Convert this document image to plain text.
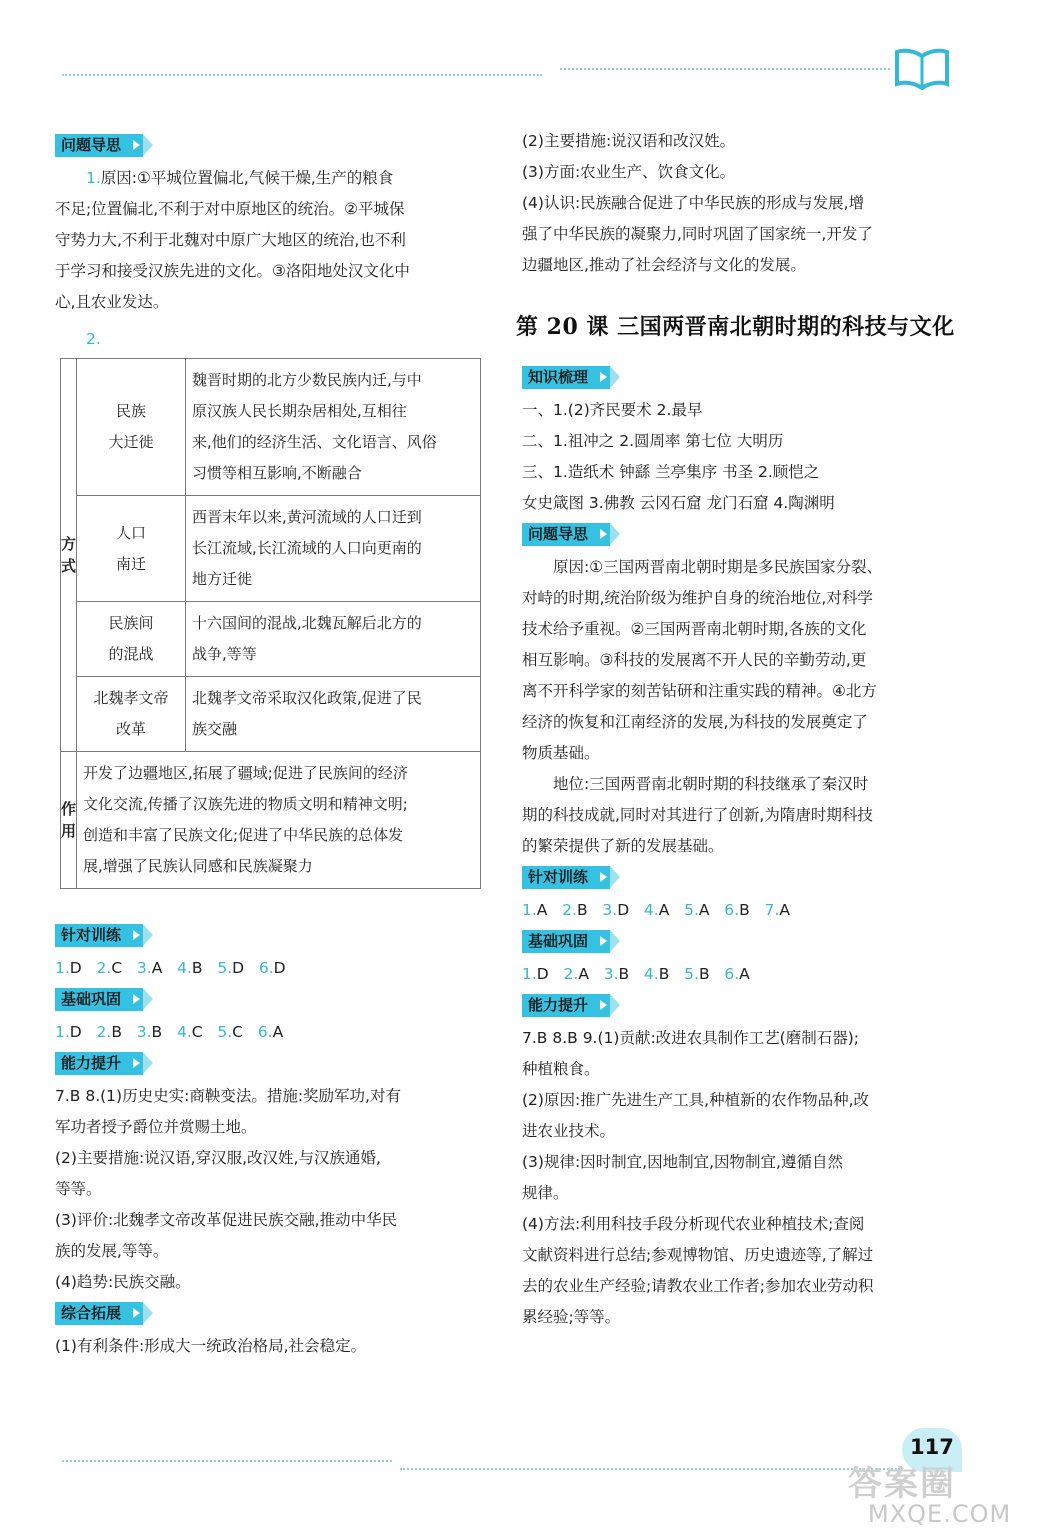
问题导思

1.原因:①平城位置偏北,气候干燥,生产的粮食

不足;位置偏北,不利于对中原地区的统治。②平城保

守势力大,不利于北魏对中原广大地区的统治,也不利

于学习和接受汉族先进的文化。③洛阳地处汉文化中

心,且农业发达。

2.

方式	民族
大迁徙	魏晋时期的北方少数民族内迁,与中
原汉族人民长期杂居相处,互相往
来,他们的经济生活、文化语言、风俗
习惯等相互影响,不断融合
	人口
南迁	西晋末年以来,黄河流域的人口迁到
长江流域,长江流域的人口向更南的
地方迁徙
	民族间
的混战	十六国间的混战,北魏瓦解后北方的
战争,等等
	北魏孝文帝
改革	北魏孝文帝采取汉化政策,促进了民
族交融
作用	开发了边疆地区,拓展了疆域;促进了民族间的经济
文化交流,传播了汉族先进的物质文明和精神文明;
创造和丰富了民族文化;促进了中华民族的总体发
展,增强了民族认同感和民族凝聚力	
针对训练

1.D 2.C 3.A 4.B 5.D 6.D

基础巩固

1.D 2.B 3.B 4.C 5.C 6.A

能力提升

7.B 8.(1)历史史实:商鞅变法。措施:奖励军功,对有

军功者授予爵位并赏赐土地。

(2)主要措施:说汉语,穿汉服,改汉姓,与汉族通婚,

等等。

(3)评价:北魏孝文帝改革促进民族交融,推动中华民

族的发展,等等。

(4)趋势:民族交融。

综合拓展

(1)有利条件:形成大一统政治格局,社会稳定。

(2)主要措施:说汉语和改汉姓。

(3)方面:农业生产、饮食文化。

(4)认识:民族融合促进了中华民族的形成与发展,增

强了中华民族的凝聚力,同时巩固了国家统一,开发了

边疆地区,推动了社会经济与文化的发展。

第 20 课 三国两晋南北朝时期的科技与文化
知识梳理

一、1.(2)齐民要术 2.最早

二、1.祖冲之 2.圆周率 第七位 大明历

三、1.造纸术 钟繇 兰亭集序 书圣 2.顾恺之

女史箴图 3.佛教 云冈石窟 龙门石窟 4.陶渊明

问题导思

原因:①三国两晋南北朝时期是多民族国家分裂、

对峙的时期,统治阶级为维护自身的统治地位,对科学

技术给予重视。②三国两晋南北朝时期,各族的文化

相互影响。③科技的发展离不开人民的辛勤劳动,更

离不开科学家的刻苦钻研和注重实践的精神。④北方

经济的恢复和江南经济的发展,为科技的发展奠定了

物质基础。

地位:三国两晋南北朝时期的科技继承了秦汉时

期的科技成就,同时对其进行了创新,为隋唐时期科技

的繁荣提供了新的发展基础。

针对训练

1.A 2.B 3.D 4.A 5.A 6.B 7.A

基础巩固

1.D 2.A 3.B 4.B 5.B 6.A

能力提升

7.B 8.B 9.(1)贡献:改进农具制作工艺(磨制石器);

种植粮食。

(2)原因:推广先进生产工具,种植新的农作物品种,改

进农业技术。

(3)规律:因时制宜,因地制宜,因物制宜,遵循自然

规律。

(4)方法:利用科技手段分析现代农业种植技术;查阅

文献资料进行总结;参观博物馆、历史遗迹等,了解过

去的农业生产经验;请教农业工作者;参加农业劳动积

累经验;等等。

117
答案圈
MXQE.COM
